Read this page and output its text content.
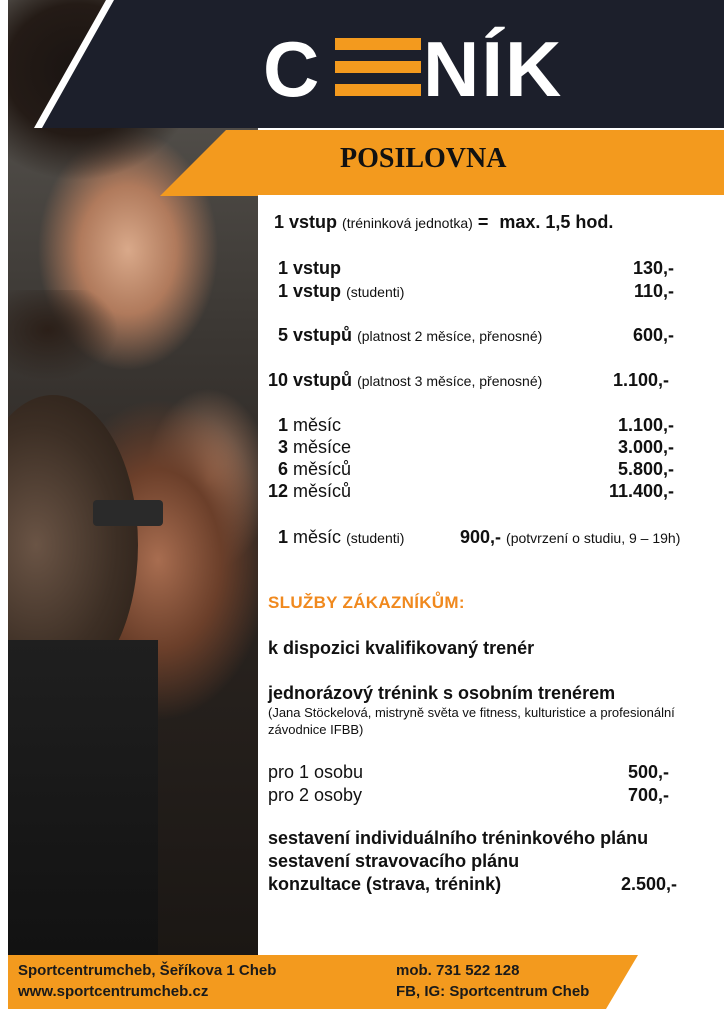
C NÍK
POSILOVNA
1 vstup (tréninková jednotka) = max. 1,5 hod.
1 vstup	130,-
1 vstup (studenti)	110,-
5 vstupů (platnost 2 měsíce, přenosné)	600,-
10 vstupů (platnost 3 měsíce, přenosné)	1.100,-
1 měsíc	1.100,-
3 měsíce	3.000,-
6 měsíců	5.800,-
12 měsíců	11.400,-
1 měsíc (studenti)	900,- (potvrzení o studiu, 9 – 19h)
SLUŽBY ZÁKAZNÍKŮM:
k dispozici kvalifikovaný trenér
jednorázový trénink s osobním trenérem
(Jana Stöckelová, mistryně světa ve fitness, kulturistice a profesionální závodnice IFBB)
pro 1 osobu	500,-
pro 2 osoby	700,-
sestavení individuálního tréninkového plánu
sestavení stravovacího plánu
konzultace (strava, trénink)	2.500,-
Sportcentrumcheb, Šeříkova 1 Cheb
www.sportcentrumcheb.cz
mob. 731 522 128
FB, IG: Sportcentrum Cheb
